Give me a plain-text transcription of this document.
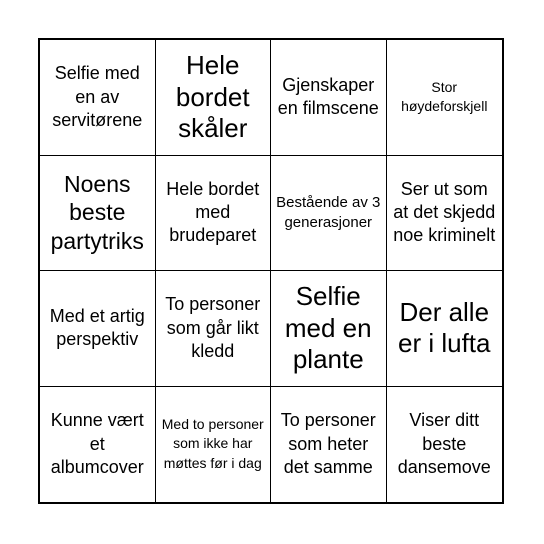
Selfie med en av servitørene
Hele bordet skåler
Gjenskaper en filmscene
Stor høydeforskjell
Noens beste partytriks
Hele bordet med brudeparet
Bestående av 3 generasjoner
Ser ut som at det skjedd noe kriminelt
Med et artig perspektiv
To personer som går likt kledd
Selfie med en plante
Der alle er i lufta
Kunne vært et albumcover
Med to personer som ikke har møttes før i dag
To personer som heter det samme
Viser ditt beste dansemove
